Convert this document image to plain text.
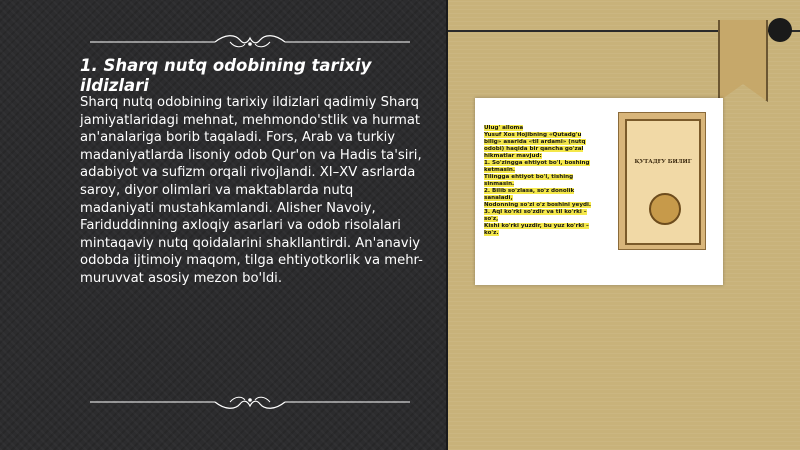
1. Sharq nutq odobining tarixiy ildizlari

Sharq nutq odobining tarixiy ildizlari qadimiy Sharq jamiyatlaridagi mehnat, mehmondo'stlik va hurmat an'analariga borib taqaladi. Fors, Arab va turkiy madaniyatlarda lisoniy odob Qur'on va Hadis ta'siri, adabiyot va sufizm orqali rivojlandi. XI–XV asrlarda saroy, diyor olimlari va maktablarda nutq madaniyati mustahkamlandi. Alisher Navoiy, Fariduddinning axloqiy asarlari va odob risolalari mintaqaviy nutq qoidalarini shakllantirdi. An'anaviy odobda ijtimoiy maqom, tilga ehtiyotkorlik va mehr-muruvvat asosiy mezon bo'ldi.

Ulug' alloma
Yusuf Xos Hojibning «Qutadg'u
bilig» asarida «til ardami» (nutq
odobi) haqida bir qancha go'zal
hikmatlar mavjud:
1. So'zingga ehtiyot bo'l, boshing
ketmasin.
Tilingga ehtiyot bo'l, tishing
sinmasin.
2. Bilib so'zlasa, so'z donolik
sanaladi,
Nodonning so'zi o'z boshini yeydi.
3. Aql ko'rki so'zdir va til ko'rki –
so'z,
Kishi ko'rki yuzdir, bu yuz ko'rki –
ko'z.
ҚУТАДҒУ БИЛИГ
